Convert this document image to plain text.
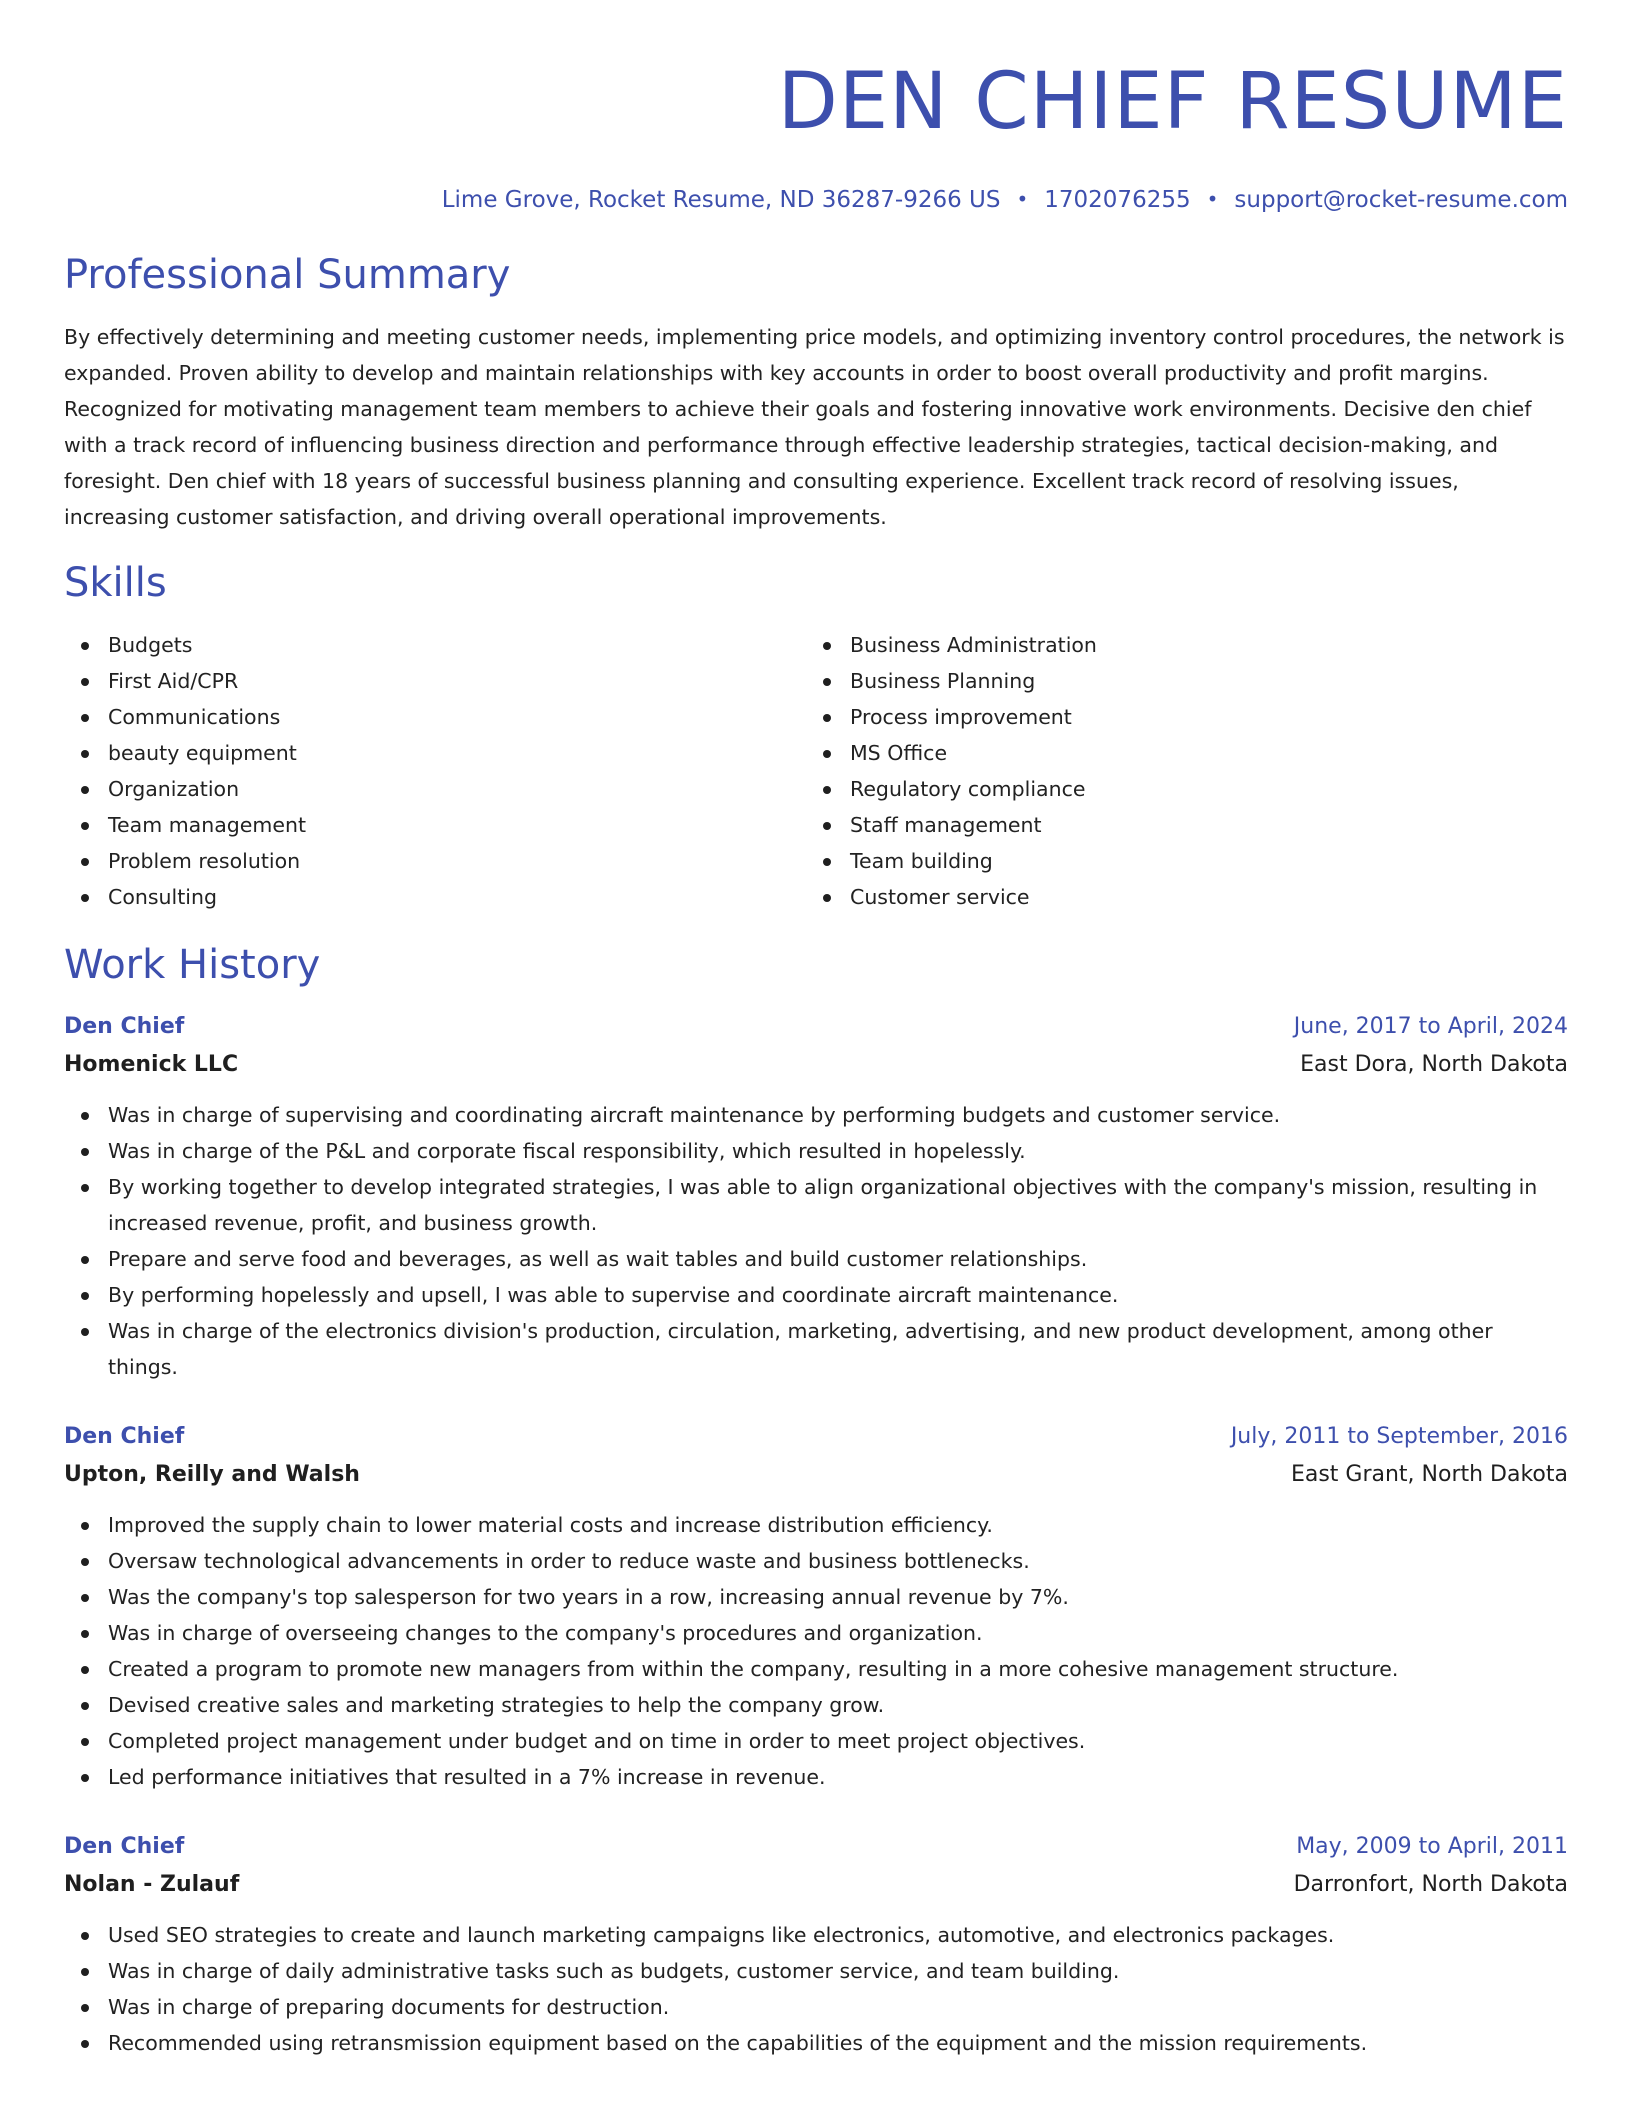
DEN CHIEF RESUME
Lime Grove, Rocket Resume, ND 36287-9266 US • 1702076255 • support@rocket-resume.com
Professional Summary

By effectively determining and meeting customer needs, implementing price models, and optimizing inventory control procedures, the network is expanded. Proven ability to develop and maintain relationships with key accounts in order to boost overall productivity and profit margins. Recognized for motivating management team members to achieve their goals and fostering innovative work environments. Decisive den chief with a track record of influencing business direction and performance through effective leadership strategies, tactical decision-making, and foresight. Den chief with 18 years of successful business planning and consulting experience. Excellent track record of resolving issues, increasing customer satisfaction, and driving overall operational improvements.

Skills
Budgets
First Aid/CPR
Communications
beauty equipment
Organization
Team management
Problem resolution
Consulting
Business Administration
Business Planning
Process improvement
MS Office
Regulatory compliance
Staff management
Team building
Customer service
Work History
Den Chief	June, 2017 to April, 2024
Homenick LLC	East Dora, North Dakota
Was in charge of supervising and coordinating aircraft maintenance by performing budgets and customer service.
Was in charge of the P&L and corporate fiscal responsibility, which resulted in hopelessly.
By working together to develop integrated strategies, I was able to align organizational objectives with the company's mission, resulting in increased revenue, profit, and business growth.
Prepare and serve food and beverages, as well as wait tables and build customer relationships.
By performing hopelessly and upsell, I was able to supervise and coordinate aircraft maintenance.
Was in charge of the electronics division's production, circulation, marketing, advertising, and new product development, among other things.
Den Chief	July, 2011 to September, 2016
Upton, Reilly and Walsh	East Grant, North Dakota
Improved the supply chain to lower material costs and increase distribution efficiency.
Oversaw technological advancements in order to reduce waste and business bottlenecks.
Was the company's top salesperson for two years in a row, increasing annual revenue by 7%.
Was in charge of overseeing changes to the company's procedures and organization.
Created a program to promote new managers from within the company, resulting in a more cohesive management structure.
Devised creative sales and marketing strategies to help the company grow.
Completed project management under budget and on time in order to meet project objectives.
Led performance initiatives that resulted in a 7% increase in revenue.
Den Chief	May, 2009 to April, 2011
Nolan - Zulauf	Darronfort, North Dakota
Used SEO strategies to create and launch marketing campaigns like electronics, automotive, and electronics packages.
Was in charge of daily administrative tasks such as budgets, customer service, and team building.
Was in charge of preparing documents for destruction.
Recommended using retransmission equipment based on the capabilities of the equipment and the mission requirements.
